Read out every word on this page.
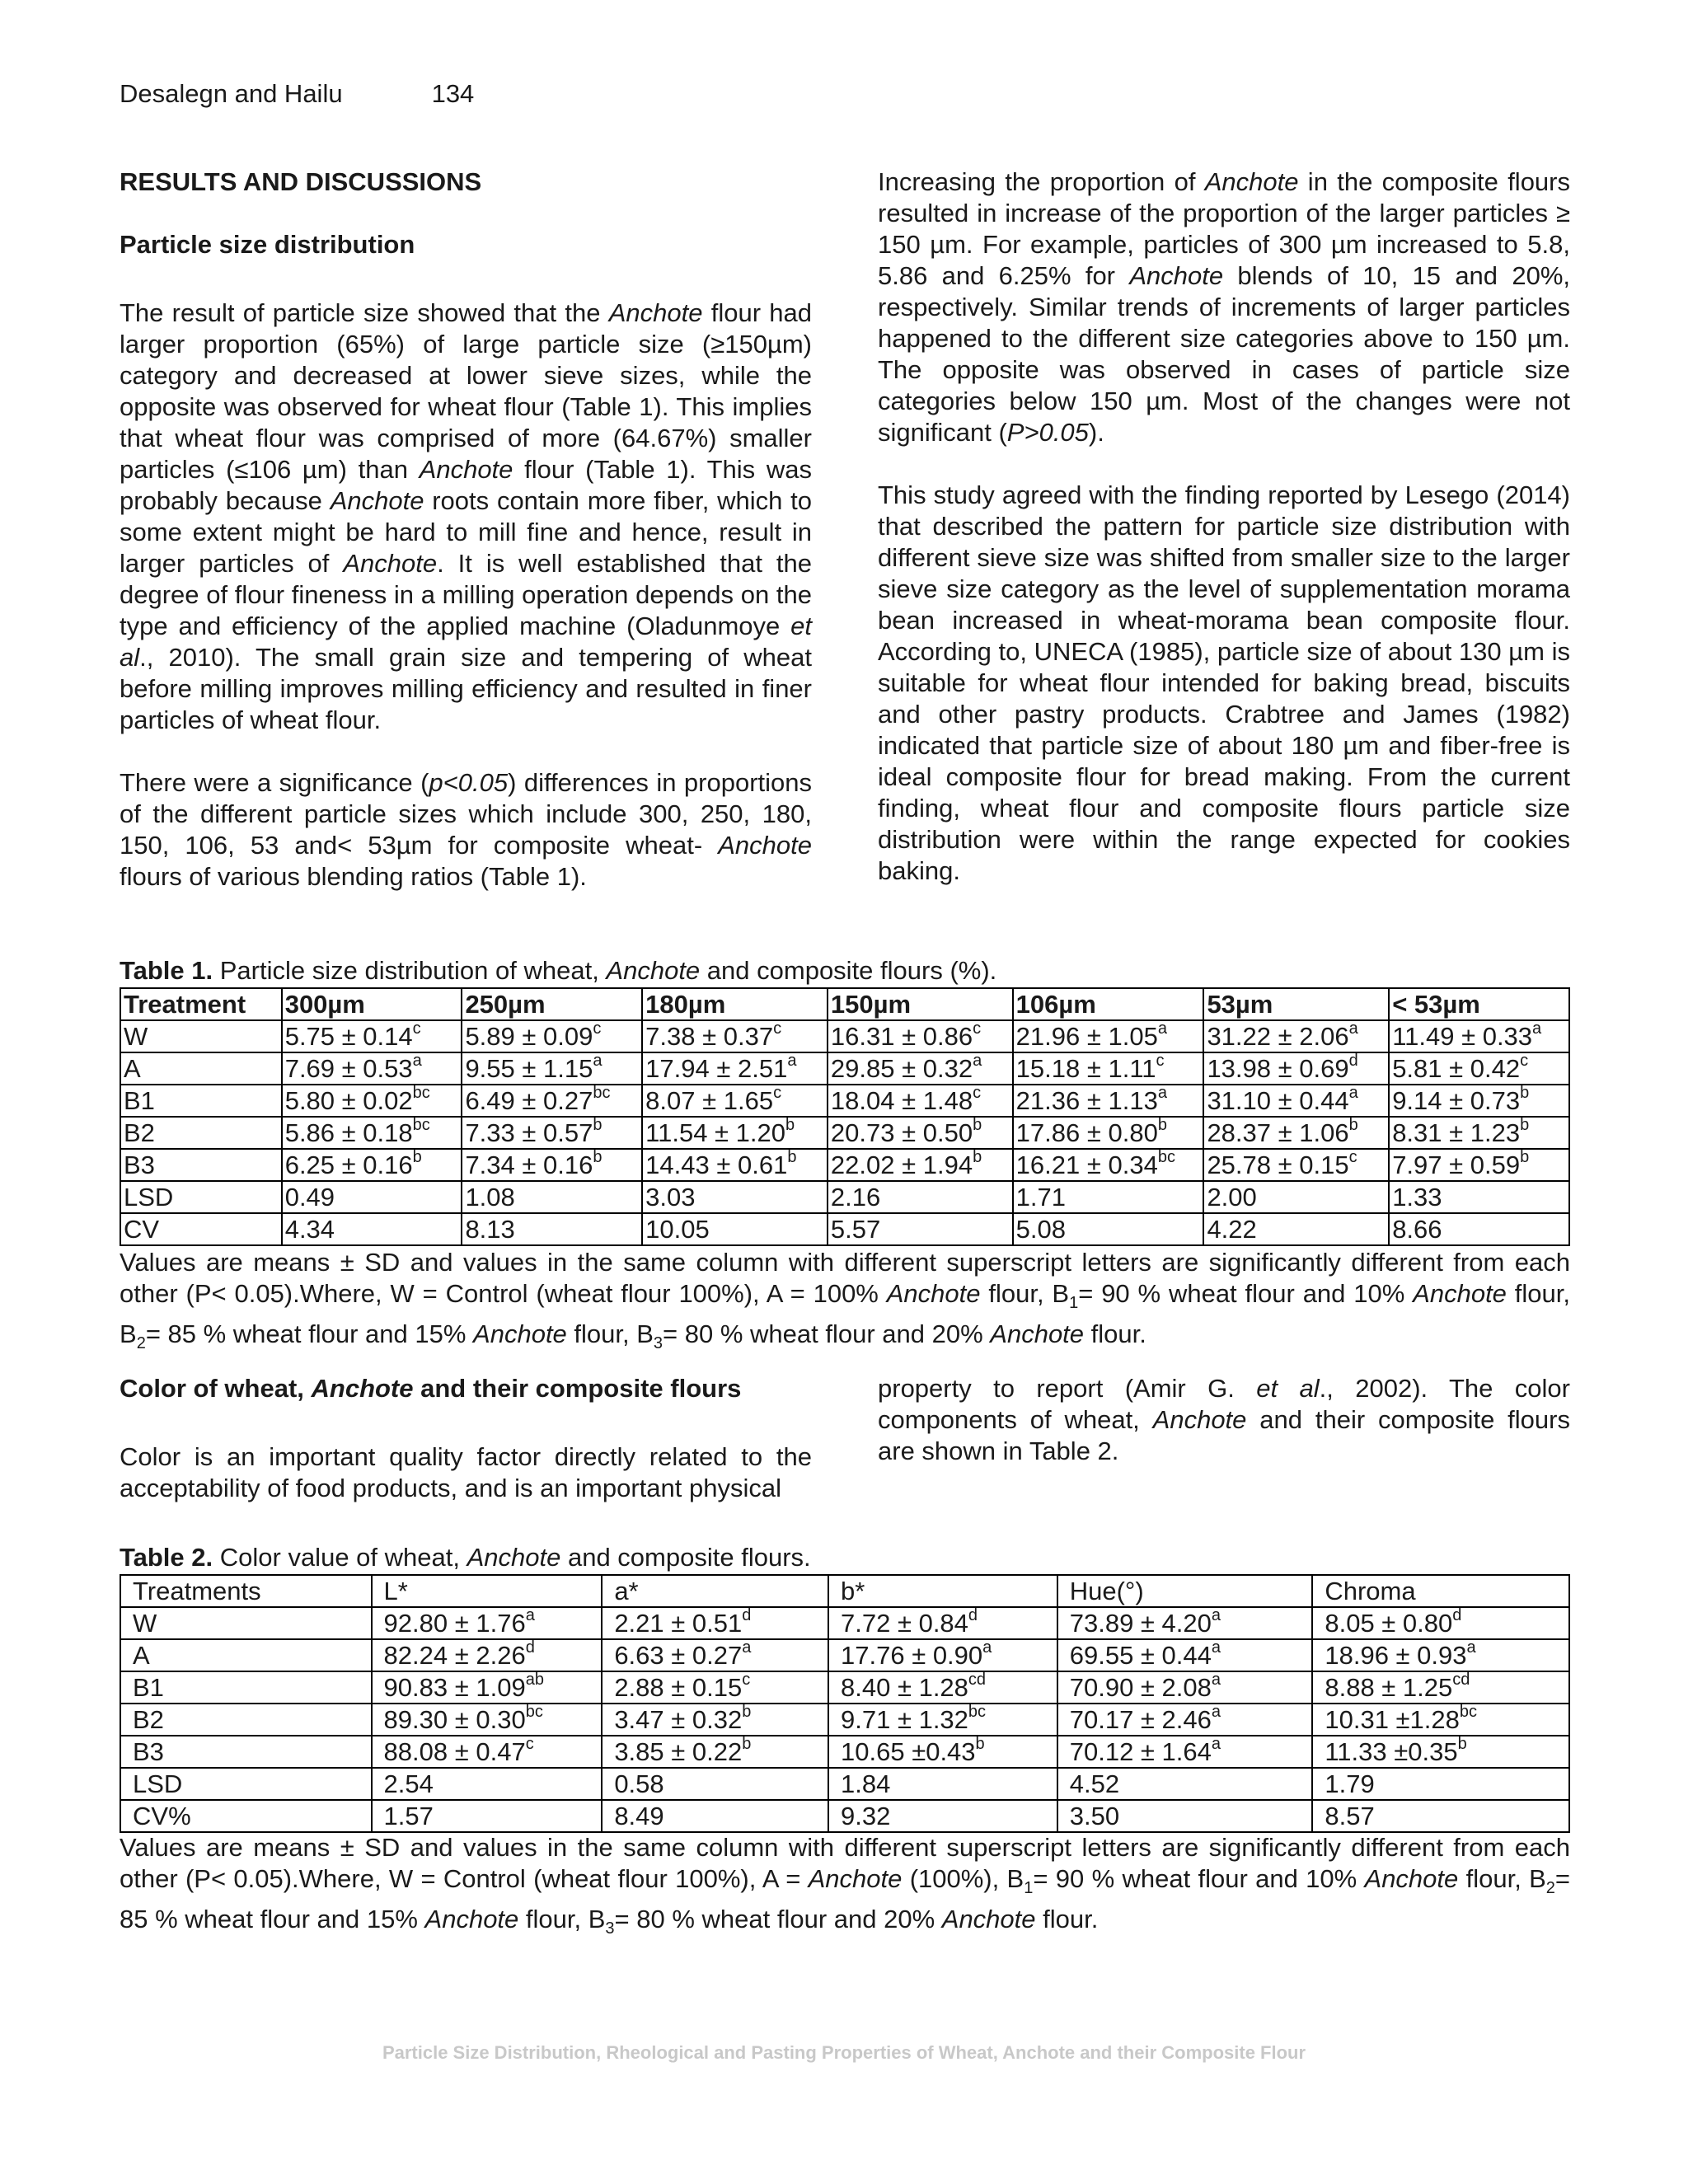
Desalegn and Hailu	134

RESULTS AND DISCUSSIONS

Particle size distribution

The result of particle size showed that the Anchote flour had larger proportion (65%) of large particle size (≥150µm) category and decreased at lower sieve sizes, while the opposite was observed for wheat flour (Table 1). This implies that wheat flour was comprised of more (64.67%) smaller particles (≤106 µm) than Anchote flour (Table 1). This was probably because Anchote roots contain more fiber, which to some extent might be hard to mill fine and hence, result in larger particles of Anchote. It is well established that the degree of flour fineness in a milling operation depends on the type and efficiency of the applied machine (Oladunmoye et al., 2010). The small grain size and tempering of wheat before milling improves milling efficiency and resulted in finer particles of wheat flour.

There were a significance (p<0.05) differences in proportions of the different particle sizes which include 300, 250, 180, 150, 106, 53 and< 53µm for composite wheat- Anchote flours of various blending ratios (Table 1).

Increasing the proportion of Anchote in the composite flours resulted in increase of the proportion of the larger particles ≥ 150 µm. For example, particles of 300 µm increased to 5.8, 5.86 and 6.25% for Anchote blends of 10, 15 and 20%, respectively. Similar trends of increments of larger particles happened to the different size categories above to 150 µm. The opposite was observed in cases of particle size categories below 150 µm. Most of the changes were not significant (P>0.05).

This study agreed with the finding reported by Lesego (2014) that described the pattern for particle size distribution with different sieve size was shifted from smaller size to the larger sieve size category as the level of supplementation morama bean increased in wheat-morama bean composite flour. According to, UNECA (1985), particle size of about 130 µm is suitable for wheat flour intended for baking bread, biscuits and other pastry products. Crabtree and James (1982) indicated that particle size of about 180 µm and fiber-free is ideal composite flour for bread making. From the current finding, wheat flour and composite flours particle size distribution were within the range expected for cookies baking.

Table 1. Particle size distribution of wheat, Anchote and composite flours (%).
Treatment	300µm	250µm	180µm	150µm	106µm	53µm	< 53µm
W	5.75 ± 0.14$^c$	5.89 ± 0.09$^c$	7.38 ± 0.37$^c$	16.31 ± 0.86$^c$	21.96 ± 1.05$^a$	31.22 ± 2.06$^a$	11.49 ± 0.33$^a$
A	7.69 ± 0.53$^a$	9.55 ± 1.15$^a$	17.94 ± 2.51$^a$	29.85 ± 0.32$^a$	15.18 ± 1.11$^c$	13.98 ± 0.69$^d$	5.81 ± 0.42$^c$
B1	5.80 ± 0.02$^{bc}$	6.49 ± 0.27$^{bc}$	8.07 ± 1.65$^c$	18.04 ± 1.48$^c$	21.36 ± 1.13$^a$	31.10 ± 0.44$^a$	9.14 ± 0.73$^b$
B2	5.86 ± 0.18$^{bc}$	7.33 ± 0.57$^b$	11.54 ± 1.20$^b$	20.73 ± 0.50$^b$	17.86 ± 0.80$^b$	28.37 ± 1.06$^b$	8.31 ± 1.23$^b$
B3	6.25 ± 0.16$^b$	7.34 ± 0.16$^b$	14.43 ± 0.61$^b$	22.02 ± 1.94$^b$	16.21 ± 0.34$^{bc}$	25.78 ± 0.15$^c$	7.97 ± 0.59$^b$
LSD	0.49	1.08	3.03	2.16	1.71	2.00	1.33
CV	4.34	8.13	10.05	5.57	5.08	4.22	8.66
Values are means ± SD and values in the same column with different superscript letters are significantly different from each other (P< 0.05).Where, W = Control (wheat flour 100%), A = 100% Anchote flour, $B_1= 90$ % wheat flour and 10% Anchote flour, $B_2= 85$ % wheat flour and 15% Anchote flour, $B_3= 80$ % wheat flour and 20% Anchote flour.

Color of wheat, Anchote and their composite flours

Color is an important quality factor directly related to the acceptability of food products, and is an important physical

property to report (Amir G. et al., 2002). The color components of wheat, Anchote and their composite flours are shown in Table 2.

Table 2. Color value of wheat, Anchote and composite flours.
Treatments	L*	a*	b*	Hue(°)	Chroma
W	92.80 ± 1.76$^a$	2.21 ± 0.51$^d$	7.72 ± 0.84$^d$	73.89 ± 4.20$^a$	8.05 ± 0.80$^d$
A	82.24 ± 2.26$^d$	6.63 ± 0.27$^a$	17.76 ± 0.90$^a$	69.55 ± 0.44$^a$	18.96 ± 0.93$^a$
B1	90.83 ± 1.09$^{ab}$	2.88 ± 0.15$^c$	8.40 ± 1.28$^{cd}$	70.90 ± 2.08$^a$	8.88 ± 1.25$^{cd}$
B2	89.30 ± 0.30$^{bc}$	3.47 ± 0.32$^b$	9.71 ± 1.32$^{bc}$	70.17 ± 2.46$^a$	10.31 ±1.28$^{bc}$
B3	88.08 ± 0.47$^c$	3.85 ± 0.22$^b$	10.65 ±0.43$^b$	70.12 ± 1.64$^a$	11.33 ±0.35$^b$
LSD	2.54	0.58	1.84	4.52	1.79
CV%	1.57	8.49	9.32	3.50	8.57
Values are means ± SD and values in the same column with different superscript letters are significantly different from each other (P< 0.05).Where, W = Control (wheat flour 100%), A = Anchote (100%), $B_1= 90$ % wheat flour and 10% Anchote flour, $B_2= 85$ % wheat flour and 15% Anchote flour, $B_3= 80$ % wheat flour and 20% Anchote flour.
Particle Size Distribution, Rheological and Pasting Properties of Wheat, Anchote and their Composite Flour
